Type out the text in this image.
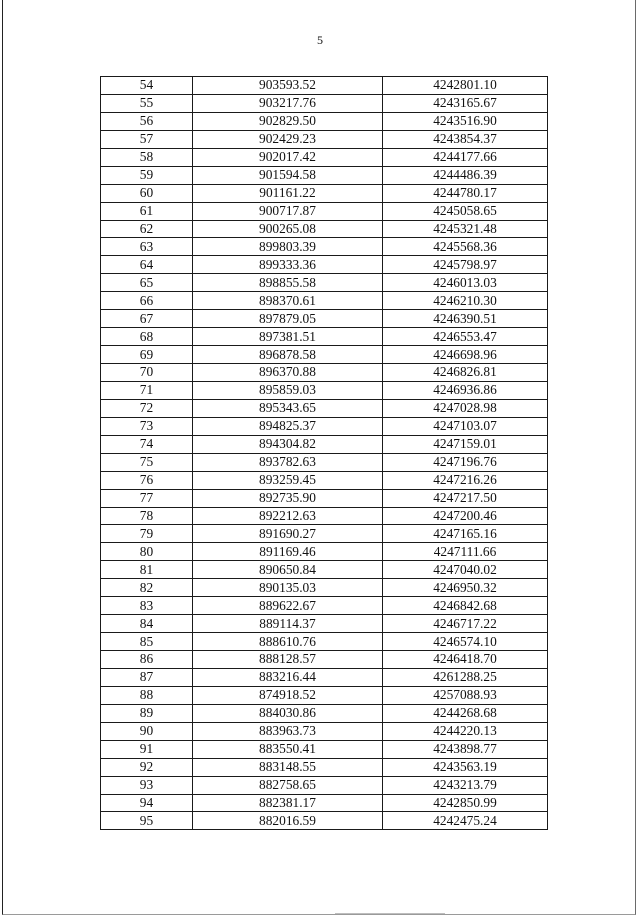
5
54	903593.52	4242801.10
55	903217.76	4243165.67
56	902829.50	4243516.90
57	902429.23	4243854.37
58	902017.42	4244177.66
59	901594.58	4244486.39
60	901161.22	4244780.17
61	900717.87	4245058.65
62	900265.08	4245321.48
63	899803.39	4245568.36
64	899333.36	4245798.97
65	898855.58	4246013.03
66	898370.61	4246210.30
67	897879.05	4246390.51
68	897381.51	4246553.47
69	896878.58	4246698.96
70	896370.88	4246826.81
71	895859.03	4246936.86
72	895343.65	4247028.98
73	894825.37	4247103.07
74	894304.82	4247159.01
75	893782.63	4247196.76
76	893259.45	4247216.26
77	892735.90	4247217.50
78	892212.63	4247200.46
79	891690.27	4247165.16
80	891169.46	4247111.66
81	890650.84	4247040.02
82	890135.03	4246950.32
83	889622.67	4246842.68
84	889114.37	4246717.22
85	888610.76	4246574.10
86	888128.57	4246418.70
87	883216.44	4261288.25
88	874918.52	4257088.93
89	884030.86	4244268.68
90	883963.73	4244220.13
91	883550.41	4243898.77
92	883148.55	4243563.19
93	882758.65	4243213.79
94	882381.17	4242850.99
95	882016.59	4242475.24
